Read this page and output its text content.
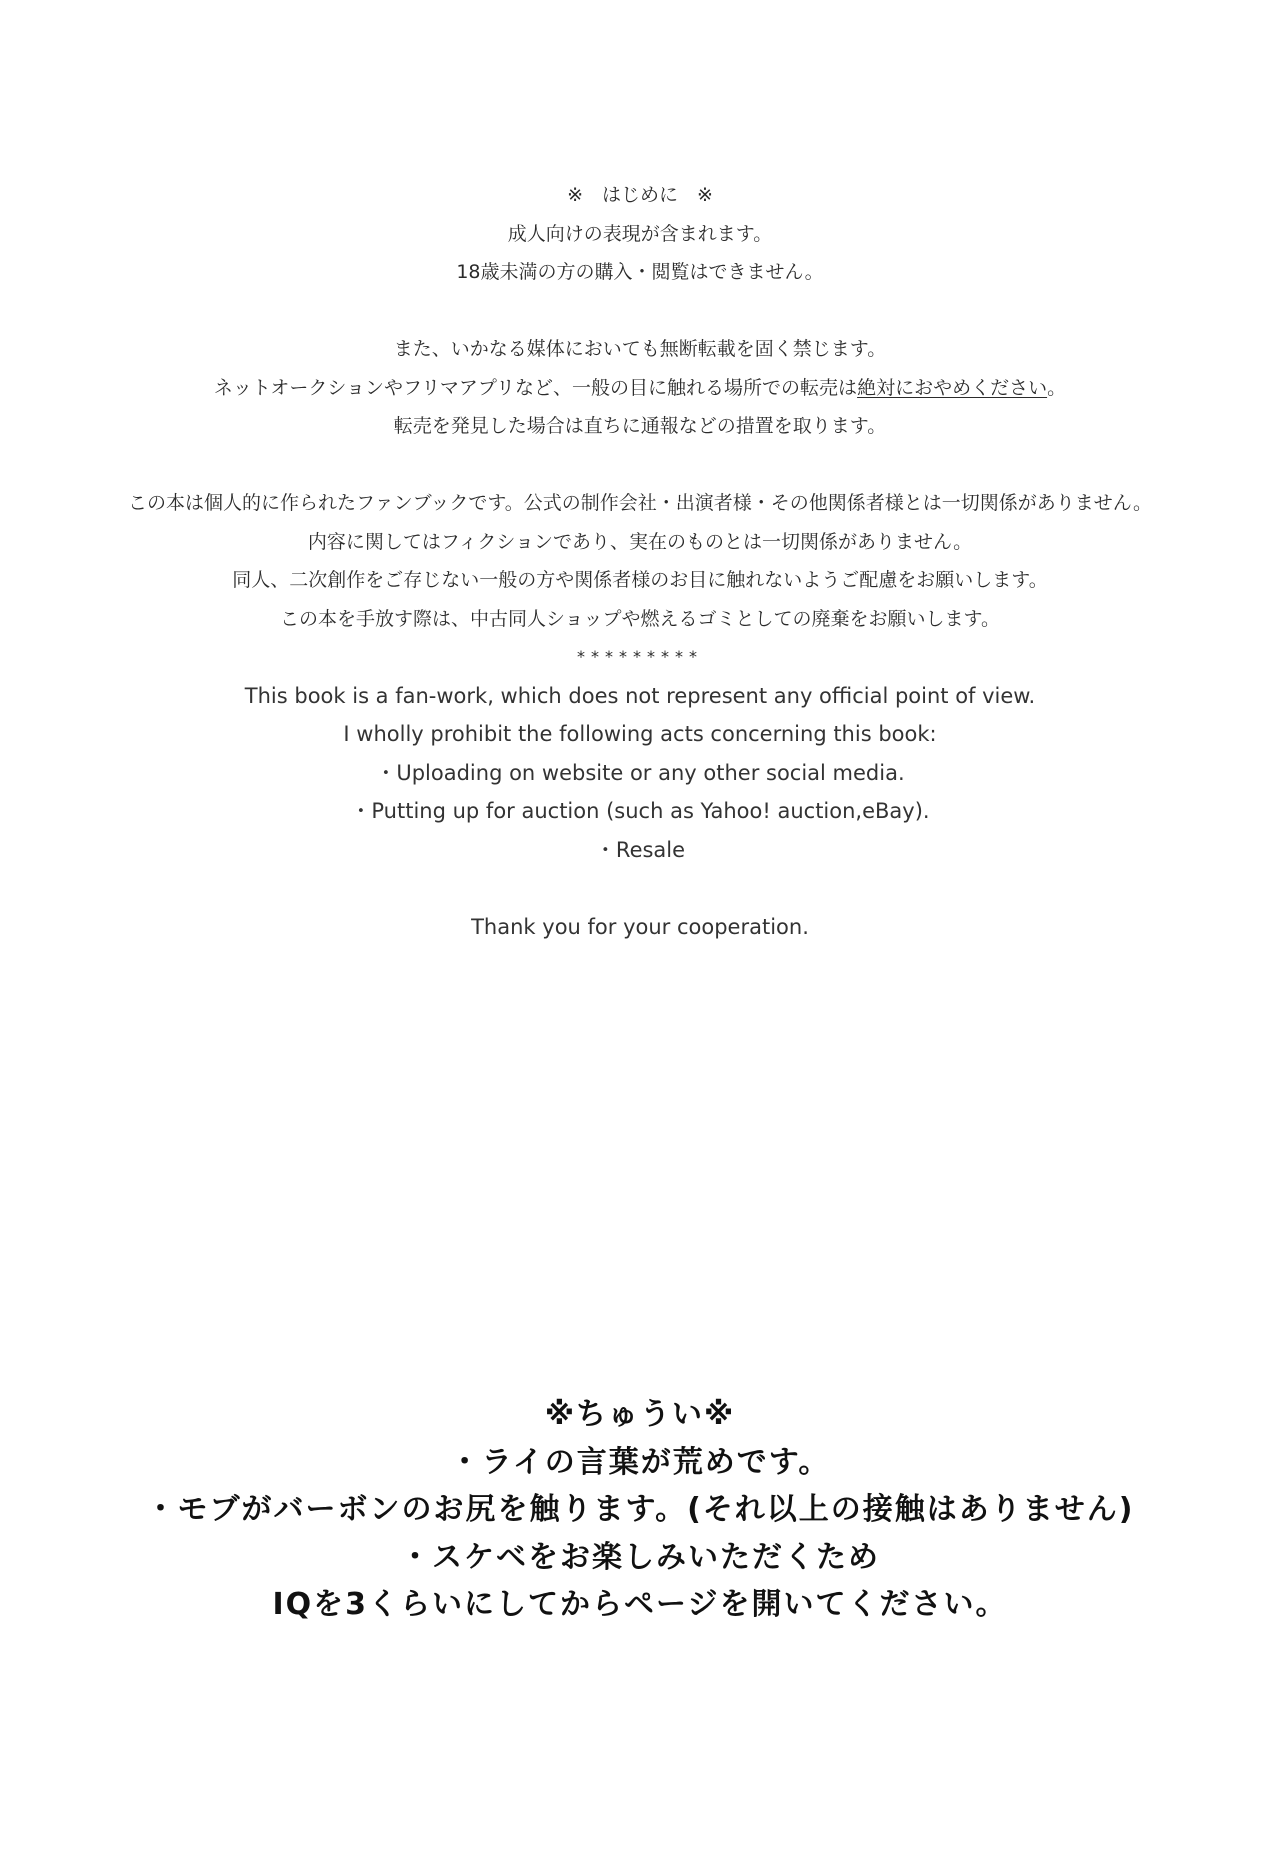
※　はじめに　※
成人向けの表現が含まれます。
18歳未満の方の購入・閲覧はできません。
また、いかなる媒体においても無断転載を固く禁じます。
ネットオークションやフリマアプリなど、一般の目に触れる場所での転売は絶対におやめください。
転売を発見した場合は直ちに通報などの措置を取ります。
この本は個人的に作られたファンブックです。公式の制作会社・出演者様・その他関係者様とは一切関係がありません。
内容に関してはフィクションであり、実在のものとは一切関係がありません。
同人、二次創作をご存じない一般の方や関係者様のお目に触れないようご配慮をお願いします。
この本を手放す際は、中古同人ショップや燃えるゴミとしての廃棄をお願いします。
*********
This book is a fan-work, which does not represent any official point of view.
I wholly prohibit the following acts concerning this book:
・Uploading on website or any other social media.
・Putting up for auction (such as Yahoo! auction,eBay).
・Resale
Thank you for your cooperation.
※ちゅうい※
・ライの言葉が荒めです。
・モブがバーボンのお尻を触ります。(それ以上の接触はありません)
・スケベをお楽しみいただくため
IQを3くらいにしてからページを開いてください。
